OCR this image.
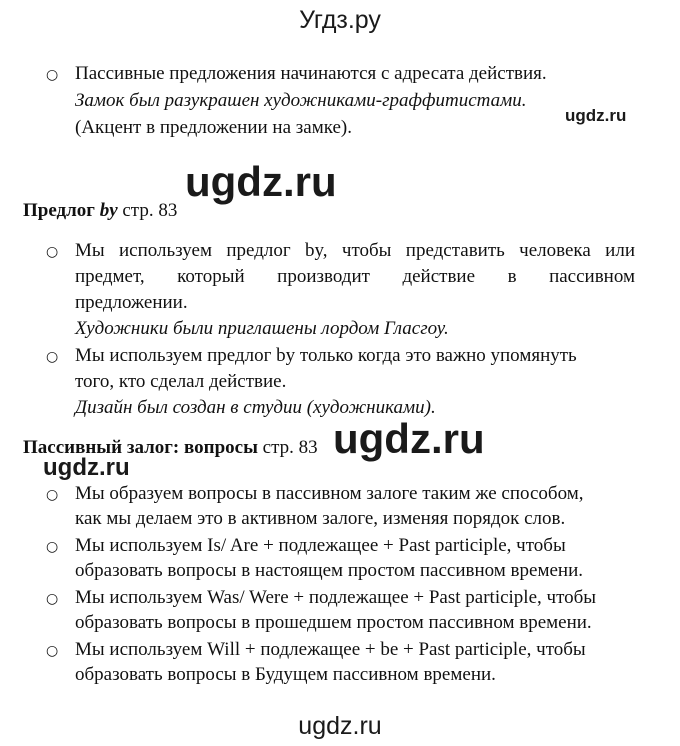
Угдз.ру
ugdz.ru
ugdz.ru
ugdz.ru
ugdz.ru
ugdz.ru
○ Пассивные предложения начинаются с адресата действия.
Замок был разукрашен художниками-граффитистами.
(Акцент в предложении на замке).
Предлог by стр. 83
○ Мы используем предлог by, чтобы представить человека или
предмет, который производит действие в пассивном
предложении.
Художники были приглашены лордом Гласгоу.
○ Мы используем предлог by только когда это важно упомянуть
того, кто сделал действие.
Дизайн был создан в студии (художниками).
Пассивный залог: вопросы стр. 83
○ Мы образуем вопросы в пассивном залоге таким же способом,
как мы делаем это в активном залоге, изменяя порядок слов.
○ Мы используем Is/ Are + подлежащее + Past participle, чтобы
образовать вопросы в настоящем простом пассивном времени.
○ Мы используем Was/ Were + подлежащее + Past participle, чтобы
образовать вопросы в прошедшем простом пассивном времени.
○ Мы используем Will + подлежащее + be + Past participle, чтобы
образовать вопросы в Будущем пассивном времени.
